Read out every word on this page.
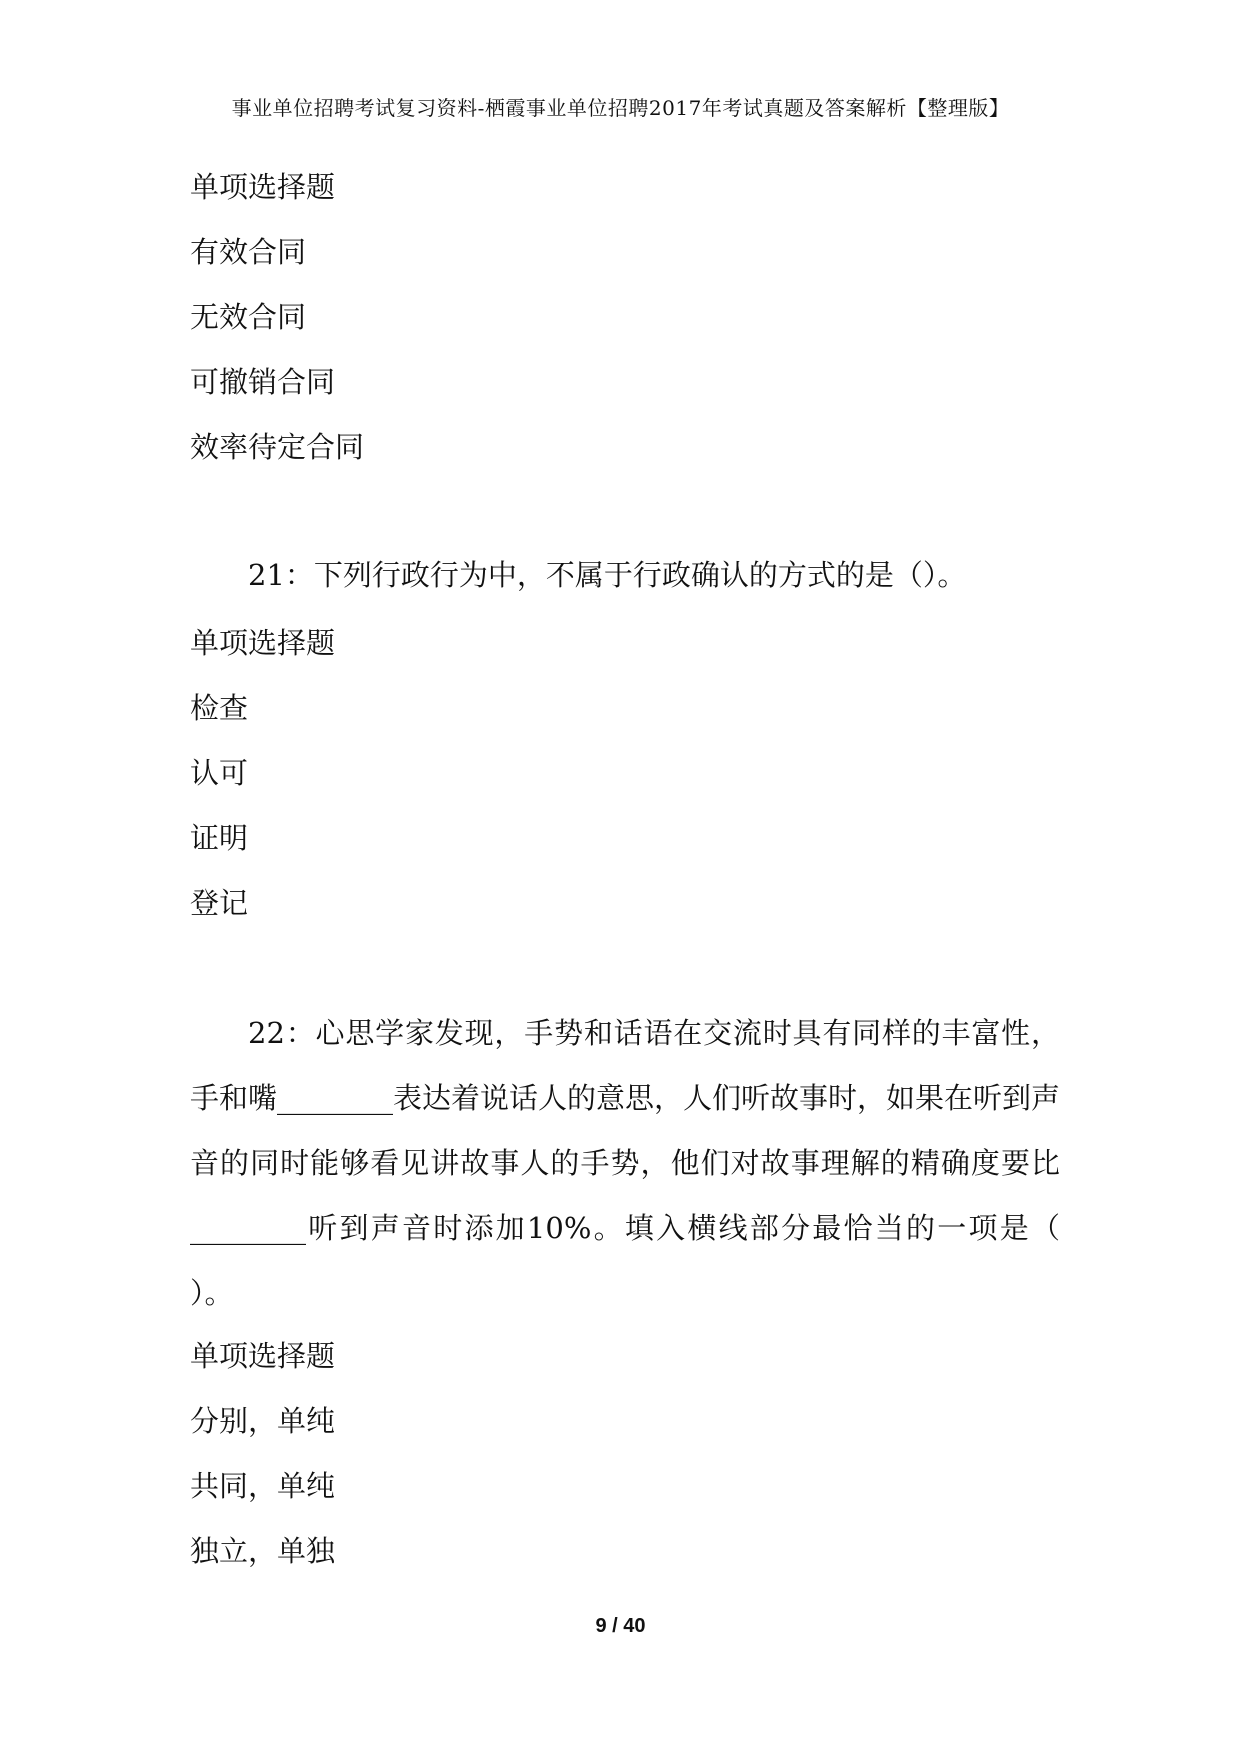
事业单位招聘考试复习资料-栖霞事业单位招聘2017年考试真题及答案解析【整理版】
单项选择题
有效合同
无效合同
可撤销合同
效率待定合同
21：下列行政行为中，不属于行政确认的方式的是（）。
单项选择题
检查
认可
证明
登记
22：心思学家发现，手势和话语在交流时具有同样的丰富性，手和嘴________表达着说话人的意思，人们听故事时，如果在听到声音的同时能够看见讲故事人的手势，他们对故事理解的精确度要比________听到声音时添加10%。填入横线部分最恰当的一项是（ ）。
单项选择题
分别，单纯
共同，单纯
独立，单独
9 / 40
